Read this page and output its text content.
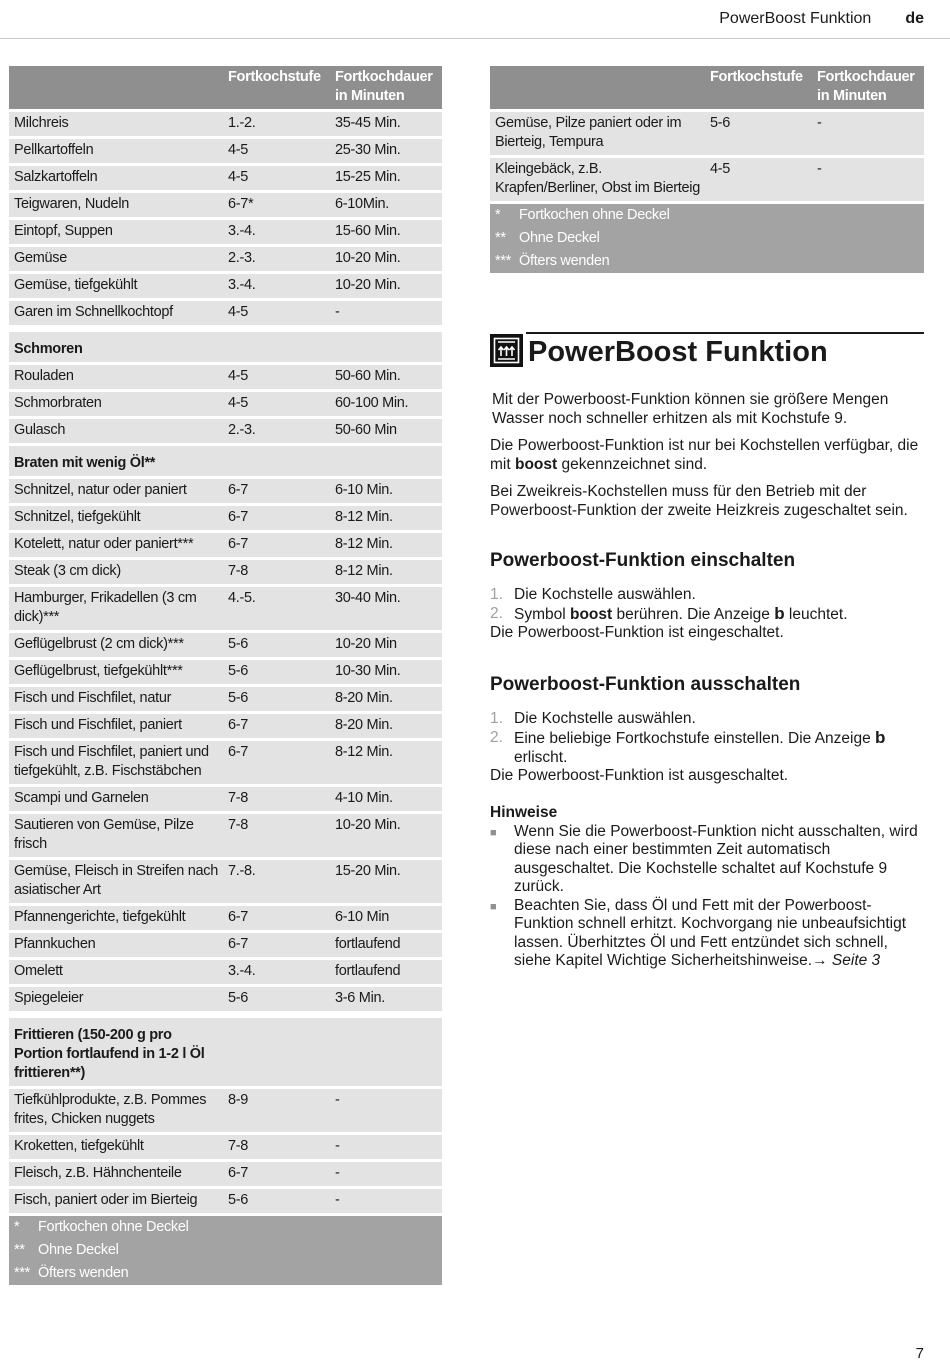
PowerBoost Funktion de
	Fortkochstufe	Fortkochdauer in Minuten
Milchreis	1.-2.	35-45 Min.
Pellkartoffeln	4-5	25-30 Min.
Salzkartoffeln	4-5	15-25 Min.
Teigwaren, Nudeln	6-7*	6-10Min.
Eintopf, Suppen	3.-4.	15-60 Min.
Gemüse	2.-3.	10-20 Min.
Gemüse, tiefgekühlt	3.-4.	10-20 Min.
Garen im Schnellkochtopf	4-5	-

Schmoren		
Rouladen	4-5	50-60 Min.
Schmorbraten	4-5	60-100 Min.
Gulasch	2.-3.	50-60 Min
Braten mit wenig Öl**		
Schnitzel, natur oder paniert	6-7	6-10 Min.
Schnitzel, tiefgekühlt	6-7	8-12 Min.
Kotelett, natur oder paniert***	6-7	8-12 Min.
Steak (3 cm dick)	7-8	8-12 Min.
Hamburger, Frikadellen (3 cm dick)***	4.-5.	30-40 Min.
Geflügelbrust (2 cm dick)***	5-6	10-20 Min
Geflügelbrust, tiefgekühlt***	5-6	10-30 Min.
Fisch und Fischfilet, natur	5-6	8-20 Min.
Fisch und Fischfilet, paniert	6-7	8-20 Min.
Fisch und Fischfilet, paniert und tiefgekühlt, z.B. Fischstäbchen	6-7	8-12 Min.
Scampi und Garnelen	7-8	4-10 Min.
Sautieren von Gemüse, Pilze frisch	7-8	10-20 Min.
Gemüse, Fleisch in Streifen nach asiatischer Art	7.-8.	15-20 Min.
Pfannengerichte, tiefgekühlt	6-7	6-10 Min
Pfannkuchen	6-7	fortlaufend
Omelett	3.-4.	fortlaufend
Spiegeleier	5-6	3-6 Min.

Frittieren (150-200 g pro Portion fortlaufend in 1-2 l Öl frittieren**)		
Tiefkühlprodukte, z.B. Pommes frites, Chicken nuggets	8-9	-
Kroketten, tiefgekühlt	7-8	-
Fleisch, z.B. Hähnchenteile	6-7	-
Fisch, paniert oder im Bierteig	5-6	-
* Fortkochen ohne Deckel		
** Ohne Deckel		
*** Öfters wenden		
	Fortkochstufe	Fortkochdauer in Minuten
Gemüse, Pilze paniert oder im Bierteig, Tempura	5-6	-
Kleingebäck, z.B. Krapfen/Berliner, Obst im Bierteig	4-5	-
* Fortkochen ohne Deckel		
** Ohne Deckel		
*** Öfters wenden		
PowerBoost Funktion

Mit der Powerboost-Funktion können sie größere Mengen Wasser noch schneller erhitzen als mit Kochstufe 9.

Die Powerboost-Funktion ist nur bei Kochstellen verfügbar, die mit boost gekennzeichnet sind.

Bei Zweikreis-Kochstellen muss für den Betrieb mit der Powerboost-Funktion der zweite Heizkreis zugeschaltet sein.

Powerboost-Funktion einschalten
1. Die Kochstelle auswählen.
2. Symbol boost berühren. Die Anzeige b leuchtet.

Die Powerboost-Funktion ist eingeschaltet.

Powerboost-Funktion ausschalten
1. Die Kochstelle auswählen.
2. Eine beliebige Fortkochstufe einstellen. Die Anzeige b erlischt.

Die Powerboost-Funktion ist ausgeschaltet.

Hinweise

■	Wenn Sie die Powerboost-Funktion nicht ausschalten, wird diese nach einer bestimmten Zeit automatisch ausgeschaltet. Die Kochstelle schaltet auf Kochstufe 9 zurück.
■	Beachten Sie, dass Öl und Fett mit der Powerboost-Funktion schnell erhitzt. Kochvorgang nie unbeaufsichtigt lassen. Überhitztes Öl und Fett entzündet sich schnell, siehe Kapitel Wichtige Sicherheitshinweise.→ Seite 3
7
